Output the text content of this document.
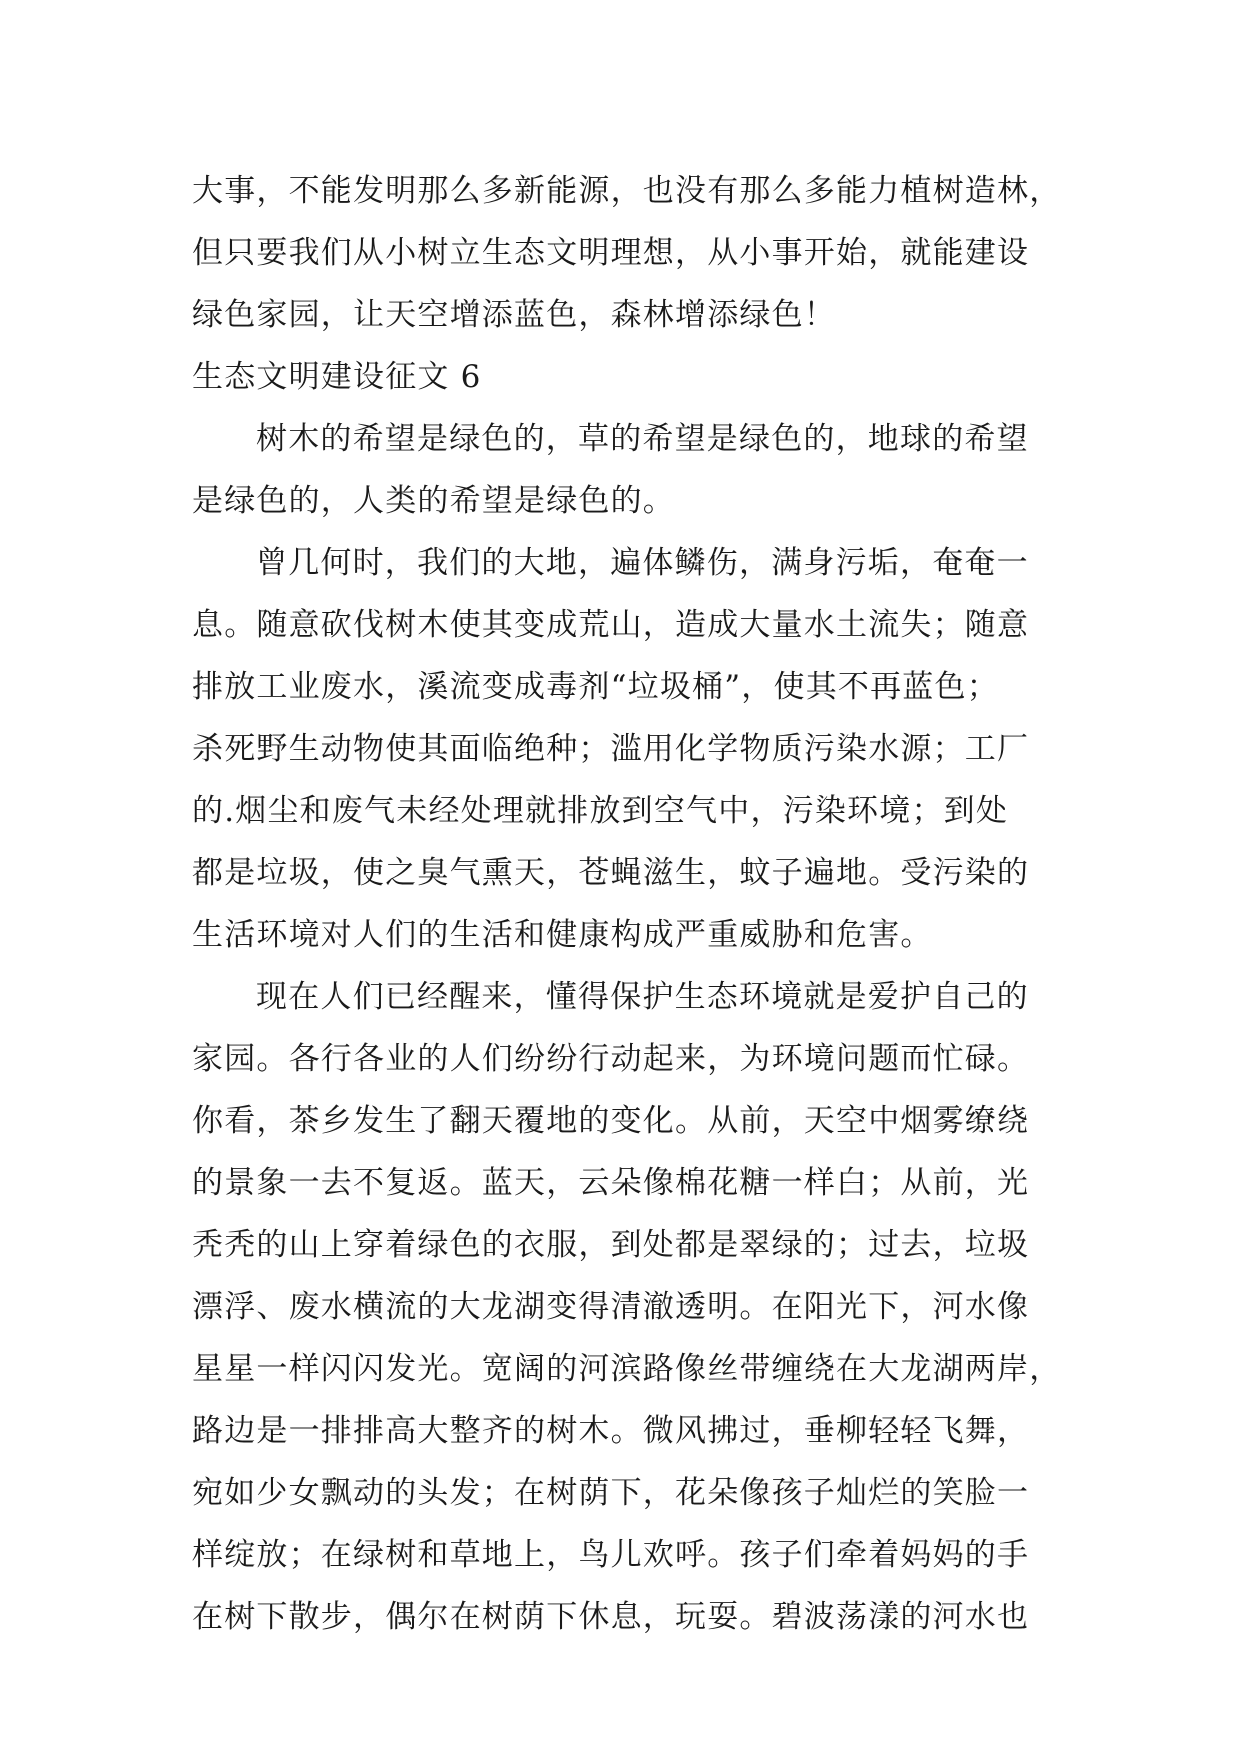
大事，不能发明那么多新能源，也没有那么多能力植树造林，
但只要我们从小树立生态文明理想，从小事开始，就能建设
绿色家园，让天空增添蓝色，森林增添绿色！
生态文明建设征文 6
树木的希望是绿色的，草的希望是绿色的，地球的希望
是绿色的，人类的希望是绿色的。
曾几何时，我们的大地，遍体鳞伤，满身污垢，奄奄一
息。随意砍伐树木使其变成荒山，造成大量水土流失；随意
排放工业废水，溪流变成毒剂“垃圾桶”，使其不再蓝色；
杀死野生动物使其面临绝种；滥用化学物质污染水源；工厂
的.烟尘和废气未经处理就排放到空气中，污染环境；到处
都是垃圾，使之臭气熏天，苍蝇滋生，蚊子遍地。受污染的
生活环境对人们的生活和健康构成严重威胁和危害。
现在人们已经醒来，懂得保护生态环境就是爱护自己的
家园。各行各业的人们纷纷行动起来，为环境问题而忙碌。
你看，茶乡发生了翻天覆地的变化。从前，天空中烟雾缭绕
的景象一去不复返。蓝天，云朵像棉花糖一样白；从前，光
秃秃的山上穿着绿色的衣服，到处都是翠绿的；过去，垃圾
漂浮、废水横流的大龙湖变得清澈透明。在阳光下，河水像
星星一样闪闪发光。宽阔的河滨路像丝带缠绕在大龙湖两岸，
路边是一排排高大整齐的树木。微风拂过，垂柳轻轻飞舞，
宛如少女飘动的头发；在树荫下，花朵像孩子灿烂的笑脸一
样绽放；在绿树和草地上，鸟儿欢呼。孩子们牵着妈妈的手
在树下散步，偶尔在树荫下休息，玩耍。碧波荡漾的河水也
